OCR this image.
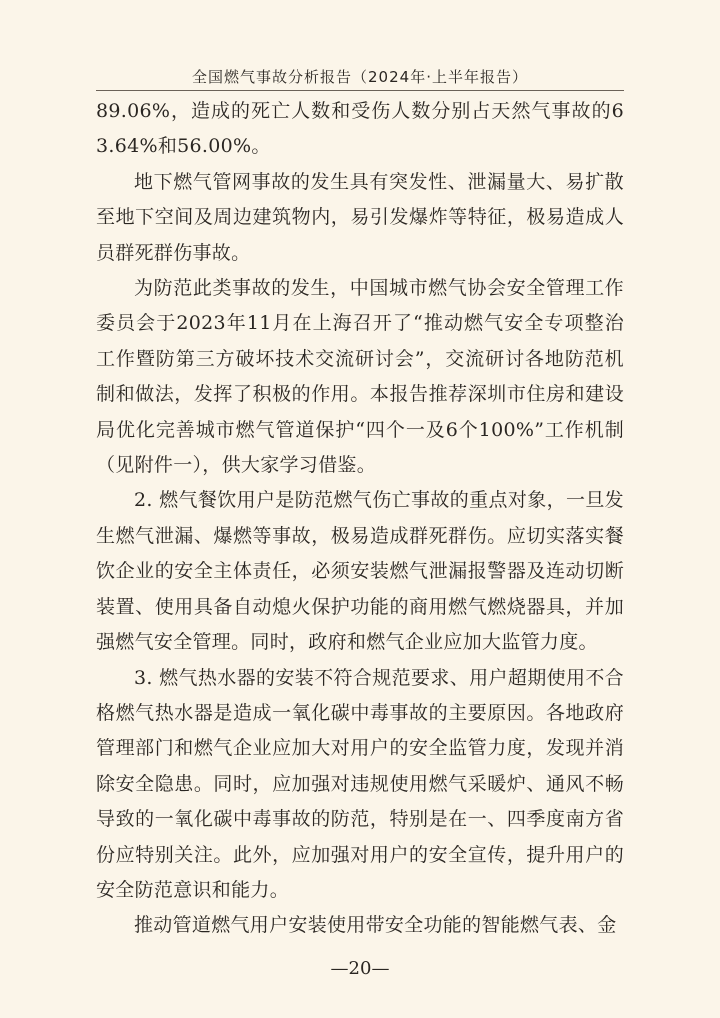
全国燃气事故分析报告（2024年·上半年报告）

89.06%，造成的死亡人数和受伤人数分别占天然气事故的63.64%和56.00%。

地下燃气管网事故的发生具有突发性、泄漏量大、易扩散至地下空间及周边建筑物内，易引发爆炸等特征，极易造成人员群死群伤事故。

为防范此类事故的发生，中国城市燃气协会安全管理工作委员会于2023年11月在上海召开了“推动燃气安全专项整治工作暨防第三方破坏技术交流研讨会”，交流研讨各地防范机制和做法，发挥了积极的作用。本报告推荐深圳市住房和建设局优化完善城市燃气管道保护“四个一及6个100%”工作机制（见附件一），供大家学习借鉴。

2. 燃气餐饮用户是防范燃气伤亡事故的重点对象，一旦发生燃气泄漏、爆燃等事故，极易造成群死群伤。应切实落实餐饮企业的安全主体责任，必须安装燃气泄漏报警器及连动切断装置、使用具备自动熄火保护功能的商用燃气燃烧器具，并加强燃气安全管理。同时，政府和燃气企业应加大监管力度。

3. 燃气热水器的安装不符合规范要求、用户超期使用不合格燃气热水器是造成一氧化碳中毒事故的主要原因。各地政府管理部门和燃气企业应加大对用户的安全监管力度，发现并消除安全隐患。同时，应加强对违规使用燃气采暖炉、通风不畅导致的一氧化碳中毒事故的防范，特别是在一、四季度南方省份应特别关注。此外，应加强对用户的安全宣传，提升用户的安全防范意识和能力。

推动管道燃气用户安装使用带安全功能的智能燃气表、金

—20—
